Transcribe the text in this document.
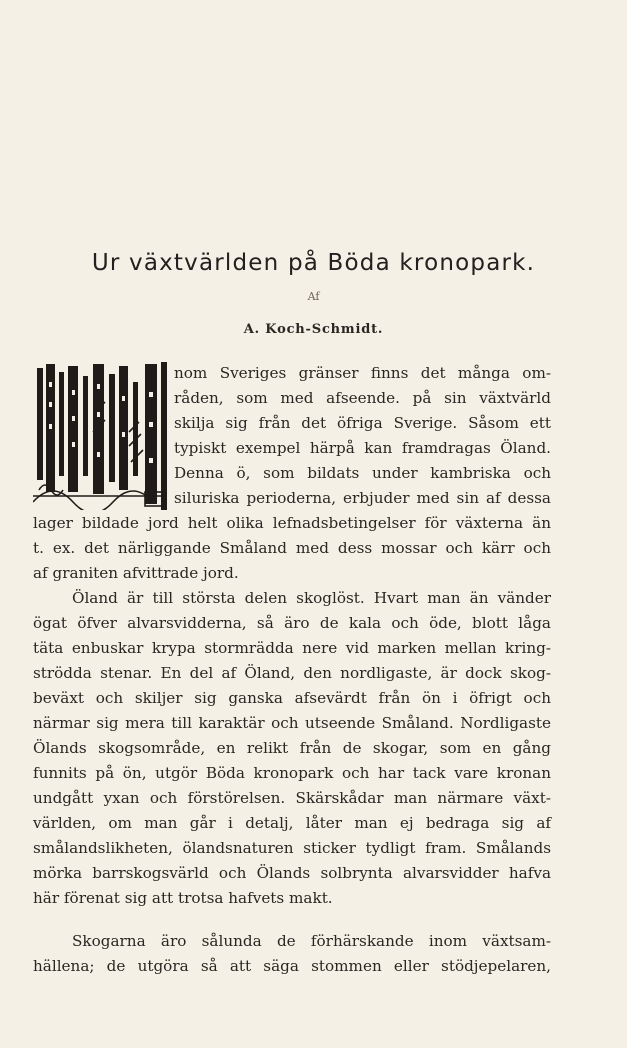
Ur växtvärlden på Böda kronopark.
Af
A. Koch-Schmidt.
nom Sveriges gränser finns det många om-
råden, som med afseende. på sin växtvärld
skilja sig från det öfriga Sverige. Såsom ett
typiskt exempel härpå kan framdragas Öland.
Denna ö, som bildats under kambriska och
siluriska perioderna, erbjuder med sin af dessa
lager bildade jord helt olika lefnadsbetingelser för växterna än
t. ex. det närliggande Småland med dess mossar och kärr och
af graniten afvittrade jord.
Öland är till största delen skoglöst. Hvart man än vänder
ögat öfver alvarsvidderna, så äro de kala och öde, blott låga
täta enbuskar krypa stormrädda nere vid marken mellan kring-
strödda stenar. En del af Öland, den nordligaste, är dock skog-
beväxt och skiljer sig ganska afsevärdt från ön i öfrigt och
närmar sig mera till karaktär och utseende Småland. Nordligaste
Ölands skogsområde, en relikt från de skogar, som en gång
funnits på ön, utgör Böda kronopark och har tack vare kronan
undgått yxan och förstörelsen. Skärskådar man närmare växt-
världen, om man går i detalj, låter man ej bedraga sig af
smålandslikheten, ölandsnaturen sticker tydligt fram. Smålands
mörka barrskogsvärld och Ölands solbrynta alvarsvidder hafva
här förenat sig att trotsa hafvets makt.
Skogarna äro sålunda de förhärskande inom växtsam-
hällena; de utgöra så att säga stommen eller stödjepelaren,
